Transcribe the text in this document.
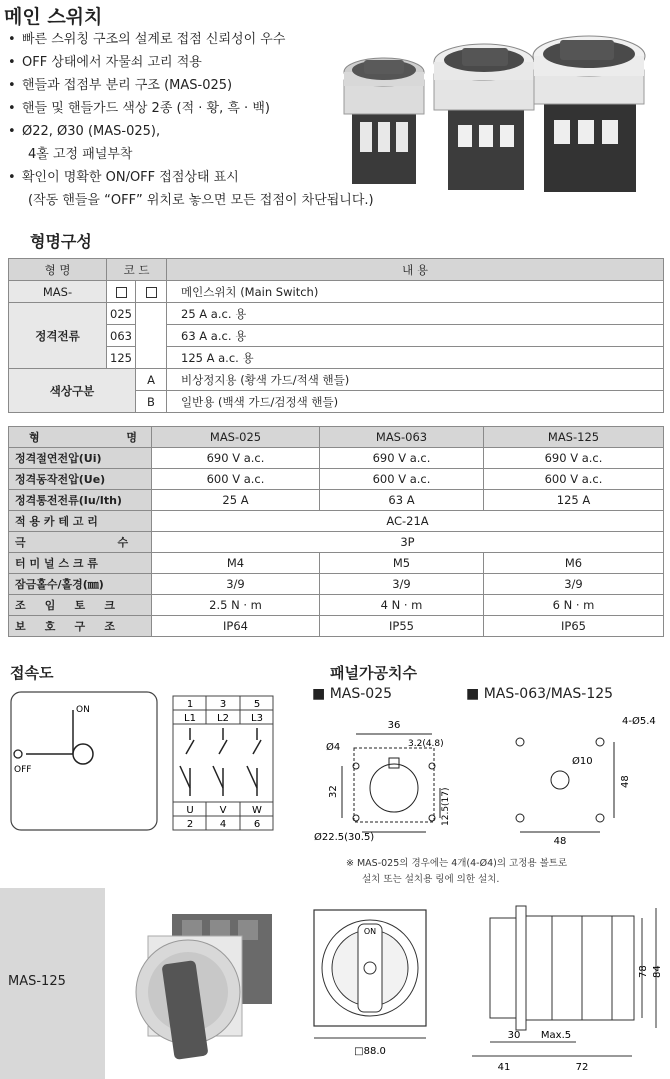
메인 스위치
• 빠른 스위칭 구조의 설계로 접점 신뢰성이 우수
• OFF 상태에서 자물쇠 고리 적용
• 핸들과 접점부 분리 구조 (MAS-025)
• 핸들 및 핸들가드 색상 2종 (적 · 황, 흑 · 백)
• Ø22, Ø30 (MAS-025),
4홀 고정 패널부착
• 확인이 명확한 ON/OFF 접점상태 표시
(작동 핸들을 “OFF” 위치로 놓으면 모든 접점이 차단됩니다.)
형명구성
형 명	코 드		내 용
MAS-			메인스위치 (Main Switch)
정격전류	025		25 A a.c. 용
	063		63 A a.c. 용
	125		125 A a.c. 용
색상구분		A	비상정지용 (황색 가드/적색 핸들)
		B	일반용 (백색 가드/검정색 핸들)
형 명	MAS-025	MAS-063	MAS-125
정격절연전압(Ui)	690 V a.c.	690 V a.c.	690 V a.c.
정격동작전압(Ue)	600 V a.c.	600 V a.c.	600 V a.c.
정격통전전류(Iu/Ith)	25 A	63 A	125 A
적 용 카 테 고 리	AC-21A		
극                        수	3P		
터 미 널 스 크 류	M4	M5	M6
잠금홀수/홀경(㎜)	3/9	3/9	3/9
조     임     토     크	2.5 N · m	4 N · m	6 N · m
보     호     구     조	IP64	IP55	IP65
접속도
ON
OFF
1	3	5
L1 L2 L3
U	V	W
2	4	6
패널가공치수
■ MAS-025	■ MAS-063/MAS-125
36
Ø4	3.2(4.8)
32	12.5(17)
Ø22.5(30.5)
4-Ø5.4
Ø10
48
48
※ MAS-025의 경우에는 4개(4-Ø4)의 고정용 볼트로
설치 또는 설치용 링에 의한 설치.
MAS-125
ON
□88.0
78 84
30 Max.5
41	72
